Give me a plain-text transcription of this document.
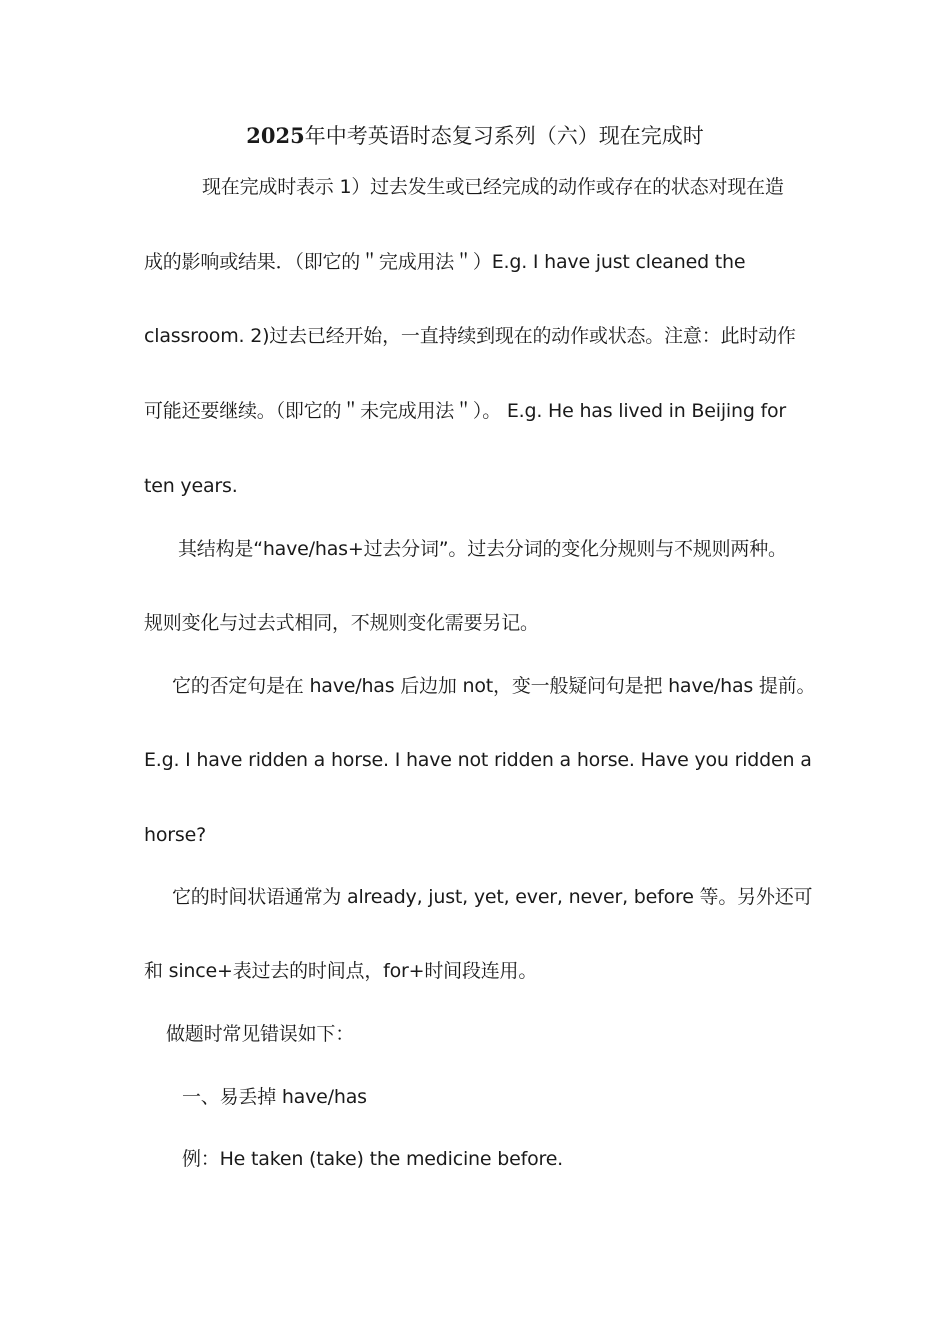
2025年中考英语时态复习系列（六）现在完成时
现在完成时表示 1）过去发生或已经完成的动作或存在的状态对现在造
成的影响或结果．（即它的＂完成用法＂）E.g. I have just cleaned the
classroom. 2)过去已经开始，一直持续到现在的动作或状态。注意：此时动作
可能还要继续。（即它的＂未完成用法＂）。 E.g. He has lived in Beijing for
ten years.
其结构是“have/has+过去分词”。过去分词的变化分规则与不规则两种。
规则变化与过去式相同，不规则变化需要另记。
它的否定句是在 have/has 后边加 not，变一般疑问句是把 have/has 提前。
E.g. I have ridden a horse. I have not ridden a horse. Have you ridden a
horse?
它的时间状语通常为 already, just, yet, ever, never, before 等。另外还可
和 since+表过去的时间点，for+时间段连用。
做题时常见错误如下：
一、易丢掉 have/has
例：He taken (take) the medicine before.
